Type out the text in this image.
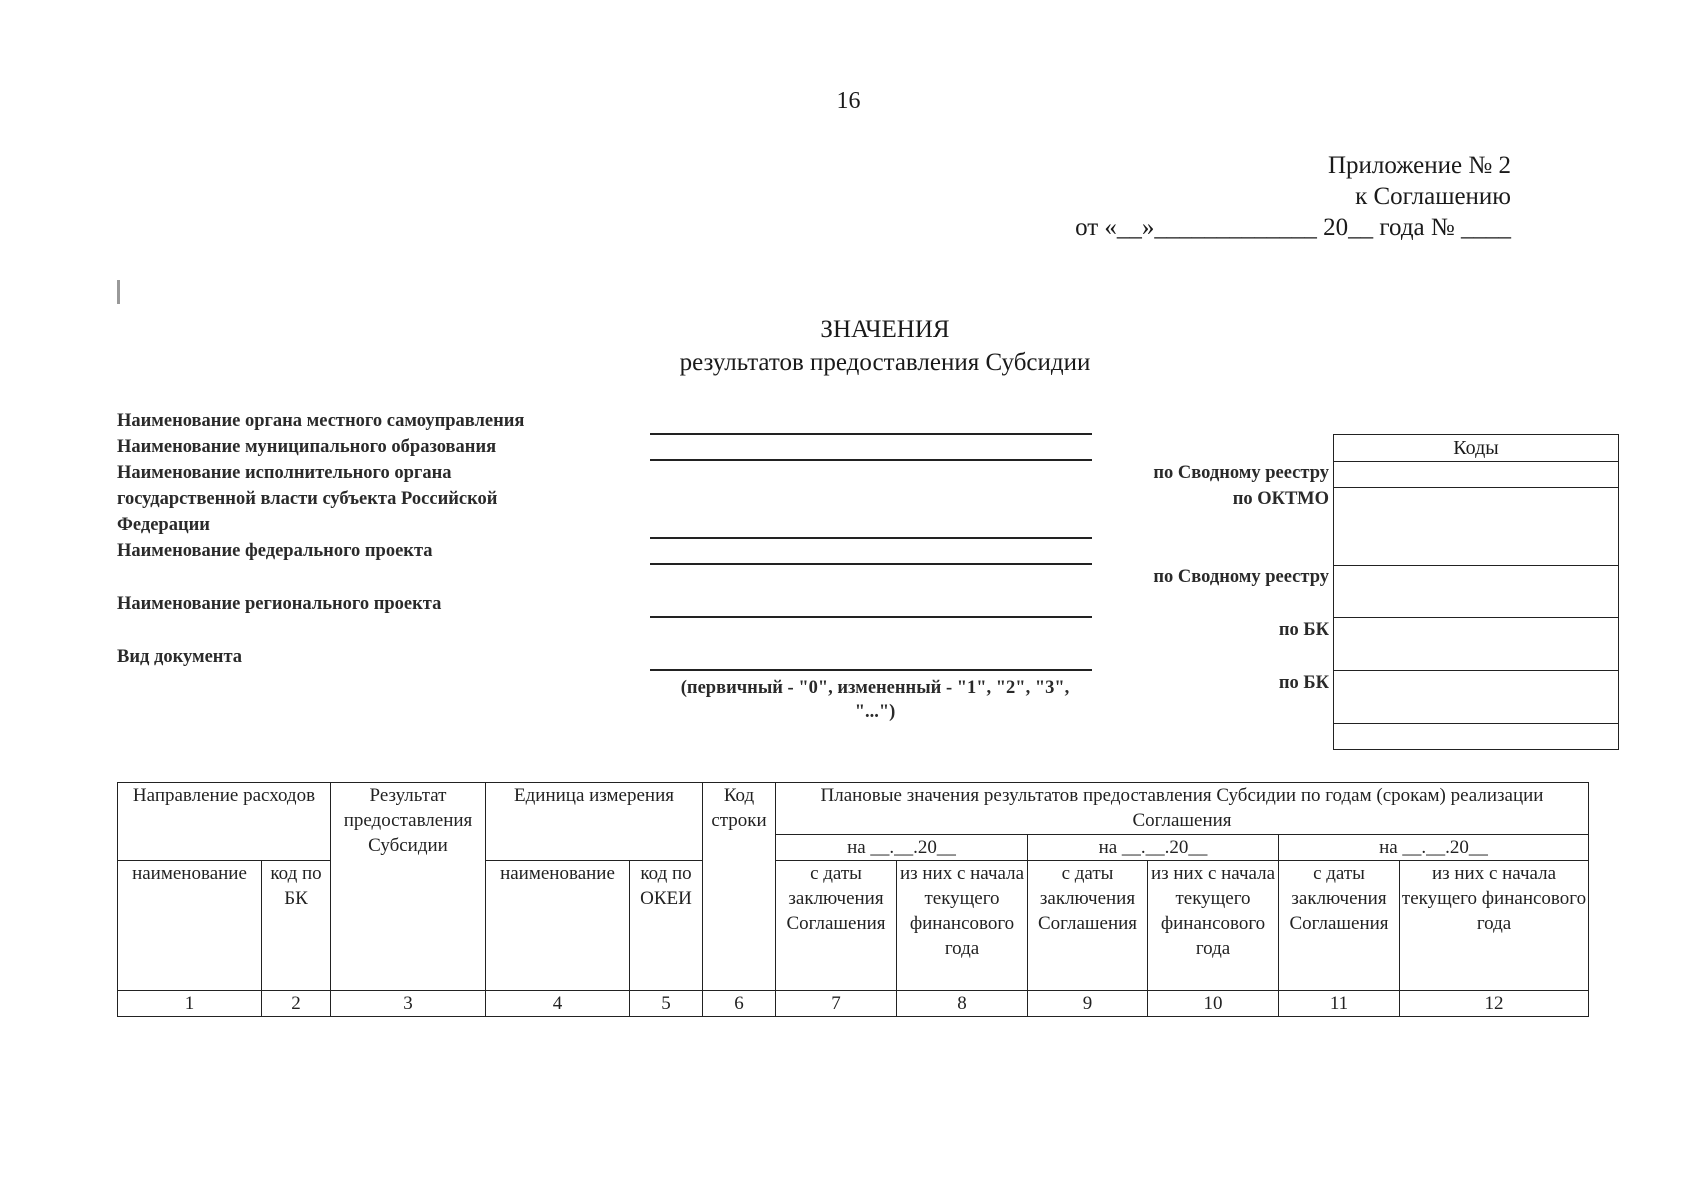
16
Приложение № 2
к Соглашению
от «__»_____________ 20__ года № ____
ЗНАЧЕНИЯ
результатов предоставления Субсидии
Наименование органа местного самоуправления
Наименование муниципального образования
Наименование исполнительного органа
государственной власти субъекта Российской
Федерации
Наименование федерального проекта
Наименование регионального проекта
Вид документа
(первичный - "0", измененный - "1", "2", "3",
"...")
по Сводному реестру
по ОКТМО
по Сводному реестру
по БК
по БК
Коды
Направление расходов		Результат предоставления Субсидии	Единица измерения		Код строки	Плановые значения результатов предоставления Субсидии по годам (срокам) реализации Соглашения					
						на __.__.20__		на __.__.20__		на __.__.20__	
наименование	код по БК		наименование	код по ОКЕИ		с даты заключения Соглашения	из них с начала текущего финансового года	с даты заключения Соглашения	из них с начала текущего финансового года	с даты заключения Соглашения	из них с начала текущего финансового года
1	2	3	4	5	6	7	8	9	10	11	12
